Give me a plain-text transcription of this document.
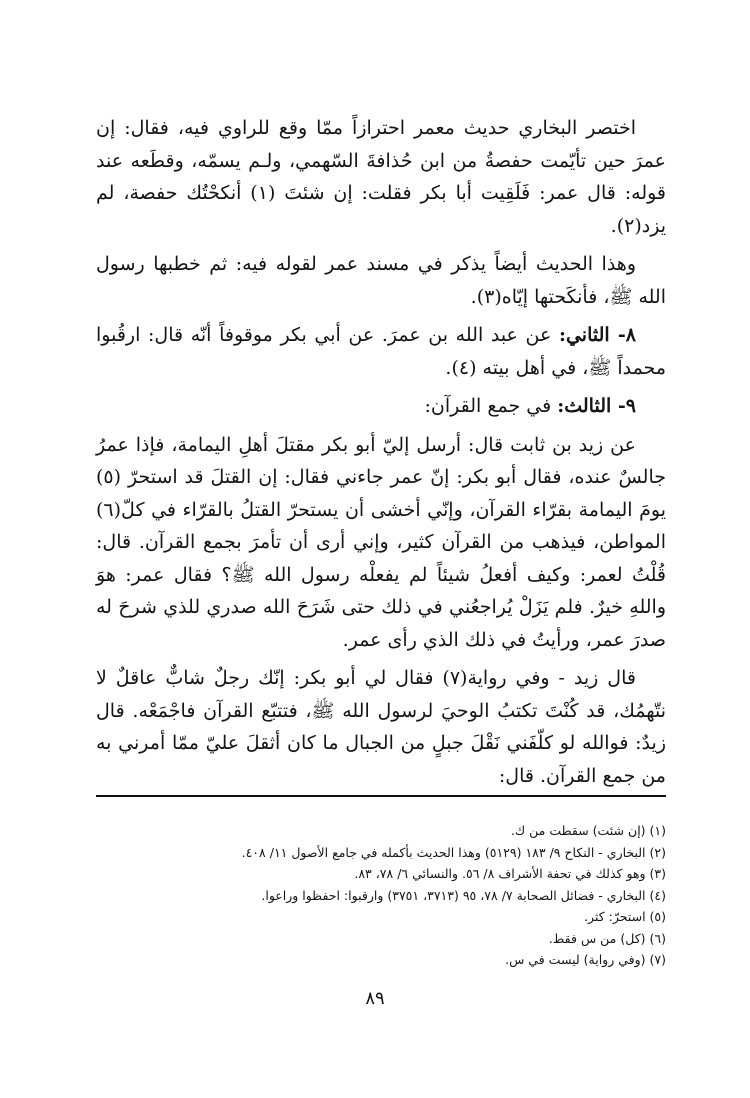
اختصر البخاري حديث معمر احترازاً ممّا وقع للراوي فيه، فقال: إن عمرَ حين تأيّمت حفصةُ من ابن حُذافةَ السّهمي، ولـم يسمّه، وقطَعه عند قوله: قال عمر: فَلَقِيت أبا بكر فقلت: إن شئتَ (١) أنكحْتُك حفصة، لم يزد(٢).

وهذا الحديث أيضاً يذكر في مسند عمر لقوله فيه: ثم خطبها رسول الله ﷺ، فأنكَحتها إيّاه(٣).

٨- الثاني: عن عبد الله بن عمرَ. عن أبي بكر موقوفاً أنّه قال: ارقُبوا محمداً ﷺ، في أهل بيته (٤).

٩- الثالث: في جمع القرآن:

عن زيد بن ثابت قال: أرسل إليّ أبو بكر مقتلَ أهلِ اليمامة، فإذا عمرُ جالسٌ عنده، فقال أبو بكر: إنّ عمر جاءني فقال: إن القتلَ قد استحرّ (٥) يومَ اليمامة بقرّاء القرآن، وإنّي أخشى أن يستحرّ القتلُ بالقرّاء في كلّ(٦) المواطن، فيذهب من القرآن كثير، وإني أرى أن تأمرَ بجمع القرآن. قال: قُلْتُ لعمر: وكيف أفعلُ شيئاً لم يفعلْه رسول الله ﷺ؟ فقال عمر: هوَ واللهِ خيرٌ. فلم يَزَلْ يُراجعُني في ذلك حتى شَرَحَ الله صدري للذي شرحَ له صدرَ عمر، ورأيتُ في ذلك الذي رأى عمر.

قال زيد - وفي رواية(٧) فقال لي أبو بكر: إنّك رجلٌ شابٌّ عاقلٌ لا نتّهمُك، قد كُنْتَ تكتبُ الوحيَ لرسول الله ﷺ، فتتبّع القرآن فاجْمَعْه. قال زيدٌ: فوالله لو كلّفَني نَقْلَ جبلٍ من الجبال ما كان أثقلَ عليّ ممّا أمرني به من جمع القرآن. قال:

(١) (إن شئت) سقطت من ك.
(٢) البخاري - النكاح ٩/ ١٨٣ (٥١٢٩) وهذا الحديث بأكمله في جامع الأصول ١١/ ٤٠٨.
(٣) وهو كذلك في تحفة الأشراف ٨/ ٥٦. والنسائي ٦/ ٧٨، ٨٣.
(٤) البخاري - فضائل الصحابة ٧/ ٧٨، ٩٥ (٣٧١٣، ٣٧٥١) وارقبوا: احفظوا وراعوا.
(٥) استحرّ: كثر.
(٦) (كل) من س فقط.
(٧) (وفي رواية) ليست في س.
٨٩
